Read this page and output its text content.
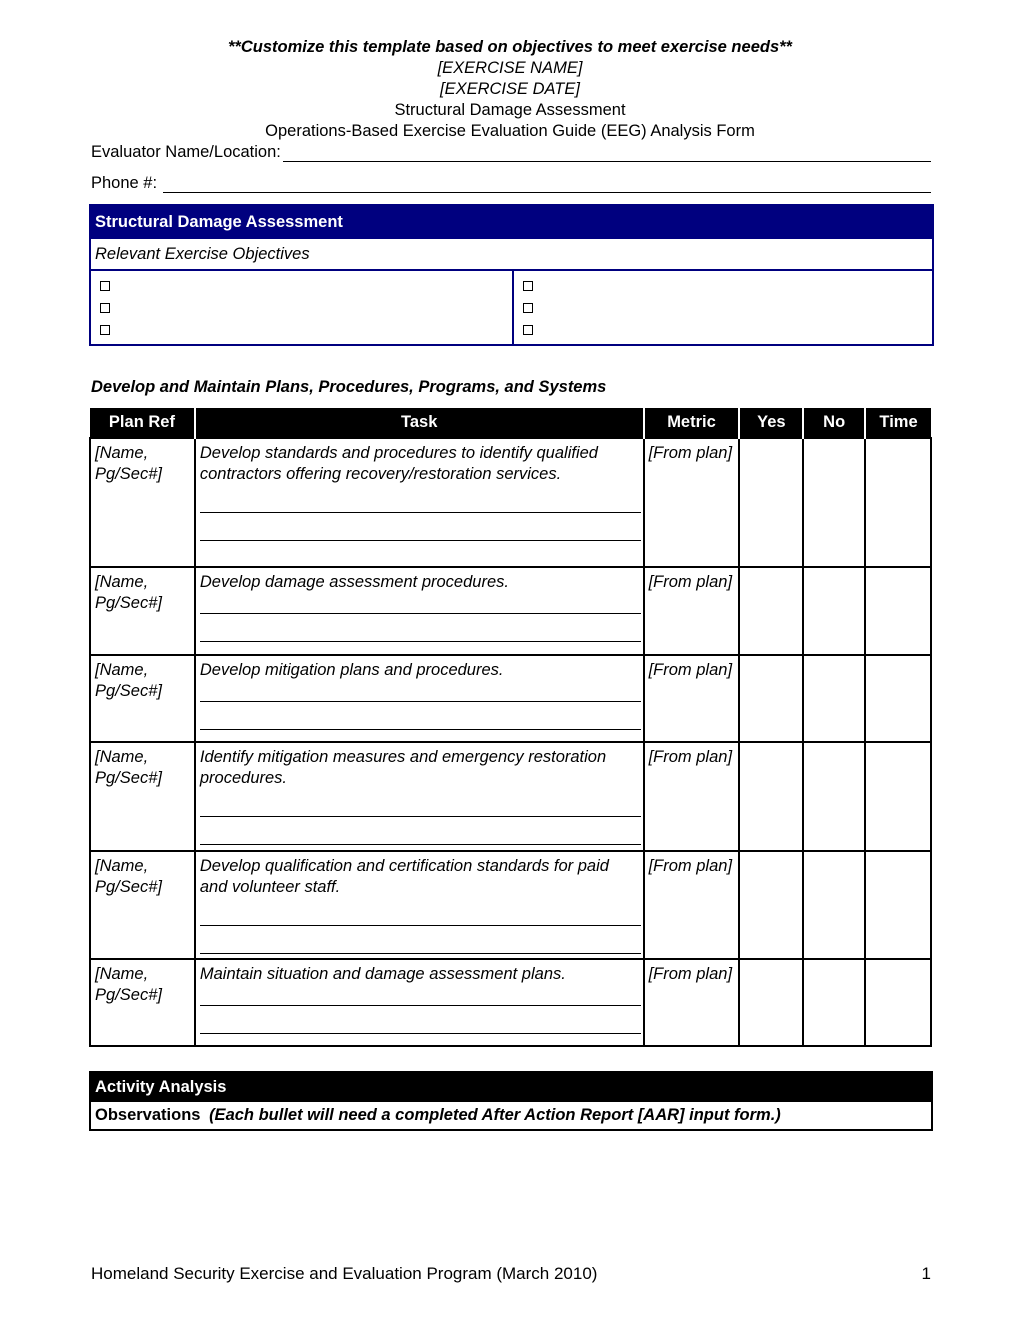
**Customize this template based on objectives to meet exercise needs**
[EXERCISE NAME]
[EXERCISE DATE]
Structural Damage Assessment
Operations-Based Exercise Evaluation Guide (EEG) Analysis Form
Evaluator Name/Location:
Phone #:
Structural Damage Assessment
Relevant Exercise Objectives
Develop and Maintain Plans, Procedures, Programs, and Systems
Plan Ref	Task	Metric	Yes	No	Time
[Name, Pg/Sec#]	Develop standards and procedures to identify qualified contractors offering recovery/restoration services.	[From plan]			
[Name, Pg/Sec#]	Develop damage assessment procedures.	[From plan]			
[Name, Pg/Sec#]	Develop mitigation plans and procedures.	[From plan]			
[Name, Pg/Sec#]	Identify mitigation measures and emergency restoration procedures.	[From plan]			
[Name, Pg/Sec#]	Develop qualification and certification standards for paid and volunteer staff.	[From plan]			
[Name, Pg/Sec#]	Maintain situation and damage assessment plans.	[From plan]			
Activity Analysis
Observations (Each bullet will need a completed After Action Report [AAR] input form.)
Homeland Security Exercise and Evaluation Program (March 2010)	1
